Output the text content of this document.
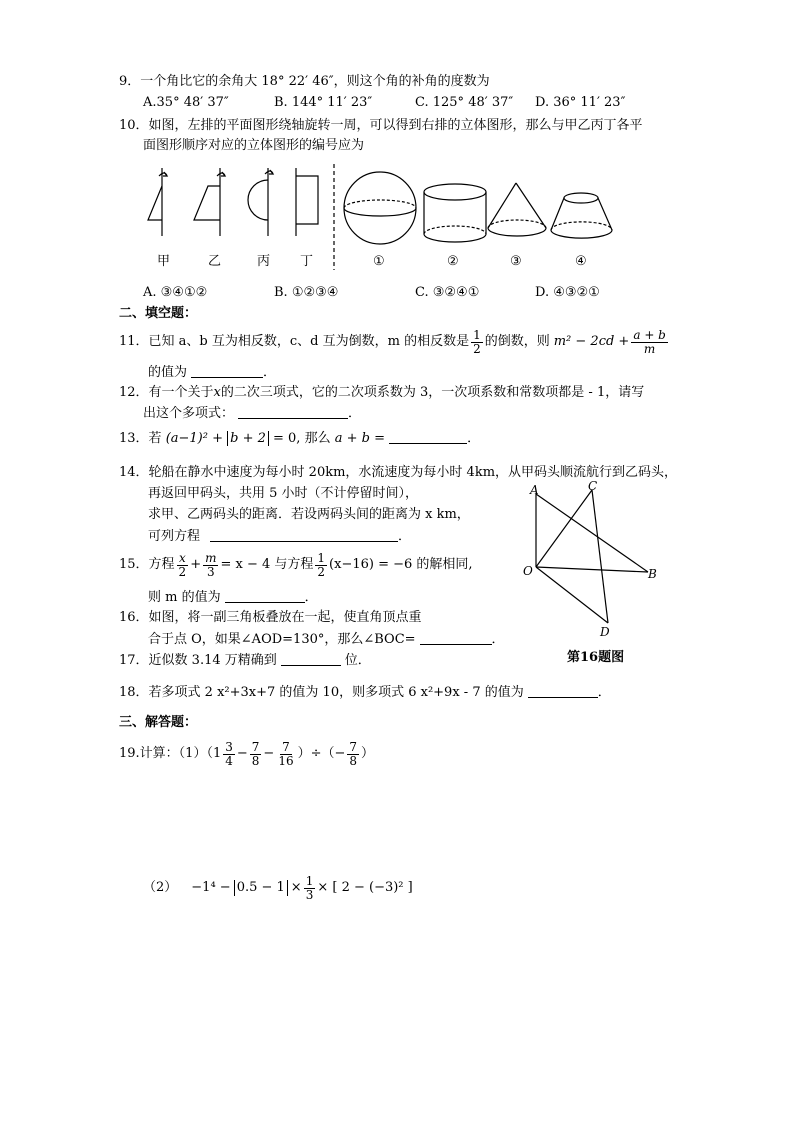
9．一个角比它的余角大 18° 22′ 46″，则这个角的补角的度数为
A.35° 48′ 37″	B. 144° 11′ 23″	C. 125° 48′ 37″ D. 36° 11′ 23″
10．如图，左排的平面图形绕轴旋转一周，可以得到右排的立体图形，那么与甲乙丙丁各平
面图形顺序对应的立体图形的编号应为
甲	乙	丙 丁	①	②	③	④
A. ③④①②	B. ①②③④	C. ③②④①	D. ④③②①
二、填空题：
11．已知 a、b 互为相反数，c、d 互为倒数，m 的相反数是 $\frac{1}{2}$ 的倒数，则 $m^2 - 2cd + \frac{a + b}{m}$
的值为	．
12．有一个关于x的二次三项式，它的二次项系数为 3，一次项系数和常数项都是 - 1，请写
出这个多项式：	．
13．若 (a−1)² + b + 2 = 0, 那么 a + b =	．
14．轮船在静水中速度为每小时 20km，水流速度为每小时 4km，从甲码头顺流航行到乙码头，
再返回甲码头，共用 5 小时（不计停留时间），
求甲、乙两码头的距离．若设两码头间的距离为 x km，
可列方程	．
A	C
O	B
D
15．方程 $\frac{x}{2} + \frac{m}{3} = x - 4$ 与方程 $\frac{1}{2} (x-16) = -6$ 的解相同,
则 m 的值为	．
16．如图，将一副三角板叠放在一起，使直角顶点重
合于点 O，如果∠AOD=130°，那么∠BOC=	．
第16题图
17．近似数 3.14 万精确到	位．
18．若多项式 2 x²+3x+7 的值为 10，则多项式 6 x²+9x - 7 的值为	．
三、解答题：
19.计算：（1）（ $1 \frac{3}{4} - \frac{7}{8} - \frac{7}{16}$ ）÷（− $\frac{7}{8}$ ）
$(2) -1^4 - 0.5 - 1 \times \frac{1}{3}$ × [ 2 − (−3)² ]
